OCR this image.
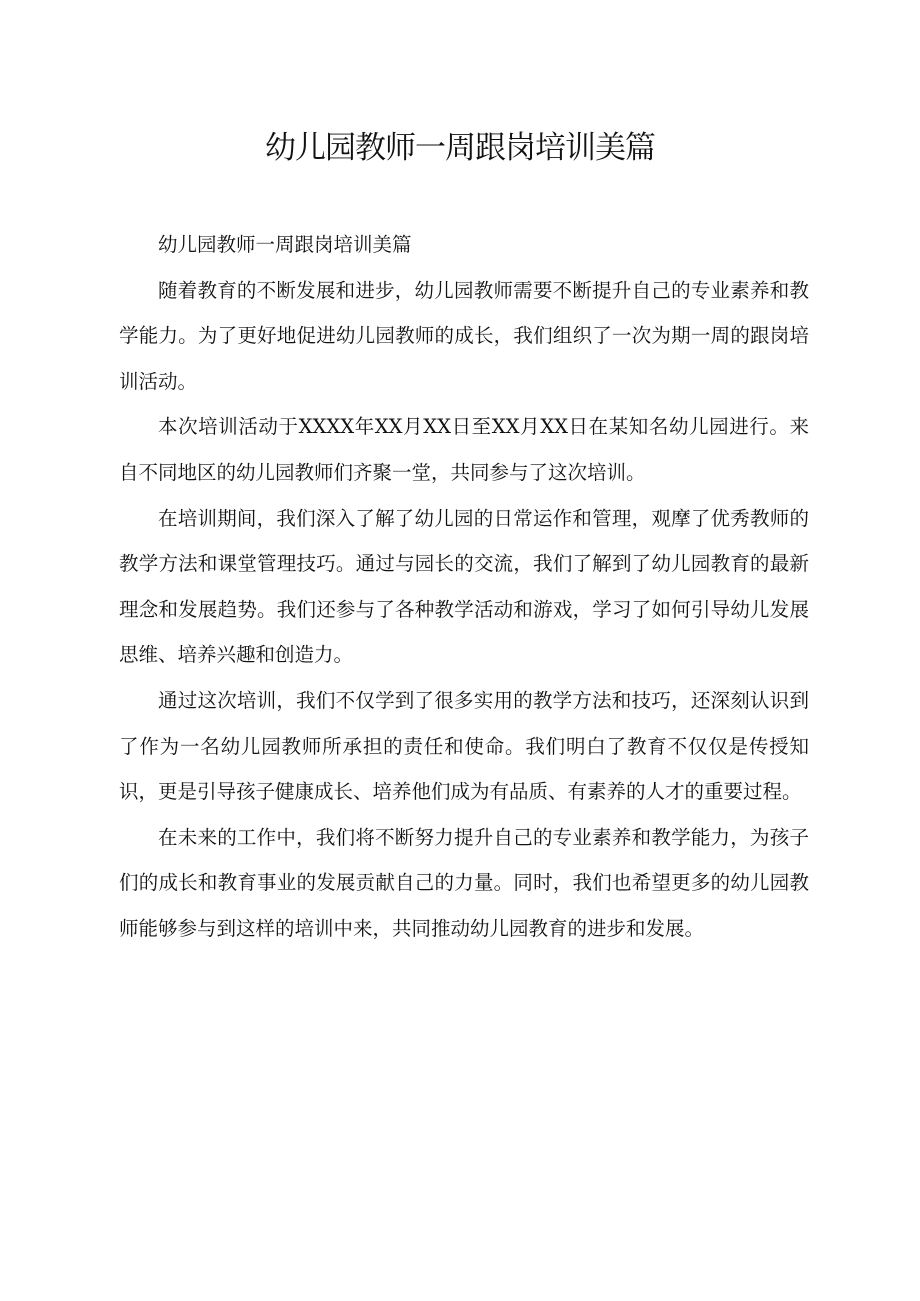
幼儿园教师一周跟岗培训美篇

幼儿园教师一周跟岗培训美篇

随着教育的不断发展和进步，幼儿园教师需要不断提升自己的专业素养和教学能力。为了更好地促进幼儿园教师的成长，我们组织了一次为期一周的跟岗培训活动。

本次培训活动于XXXX年XX月XX日至XX月XX日在某知名幼儿园进行。来自不同地区的幼儿园教师们齐聚一堂，共同参与了这次培训。

在培训期间，我们深入了解了幼儿园的日常运作和管理，观摩了优秀教师的教学方法和课堂管理技巧。通过与园长的交流，我们了解到了幼儿园教育的最新理念和发展趋势。我们还参与了各种教学活动和游戏，学习了如何引导幼儿发展思维、培养兴趣和创造力。

通过这次培训，我们不仅学到了很多实用的教学方法和技巧，还深刻认识到了作为一名幼儿园教师所承担的责任和使命。我们明白了教育不仅仅是传授知识，更是引导孩子健康成长、培养他们成为有品质、有素养的人才的重要过程。

在未来的工作中，我们将不断努力提升自己的专业素养和教学能力，为孩子们的成长和教育事业的发展贡献自己的力量。同时，我们也希望更多的幼儿园教师能够参与到这样的培训中来，共同推动幼儿园教育的进步和发展。
